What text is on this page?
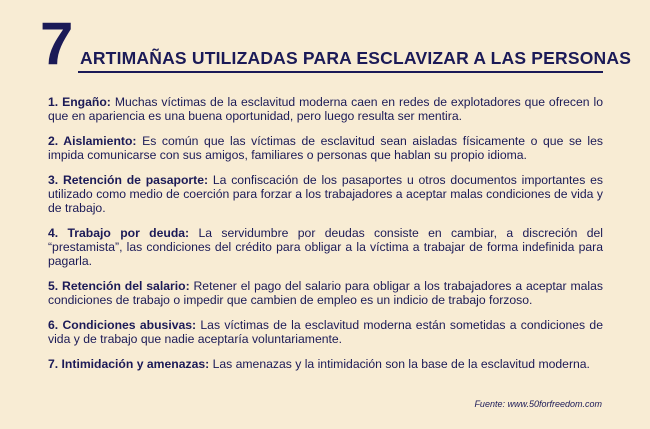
7 ARTIMAÑAS UTILIZADAS PARA ESCLAVIZAR A LAS PERSONAS

1. Engaño: Muchas víctimas de la esclavitud moderna caen en redes de explotadores que ofrecen lo que en apariencia es una buena oportunidad, pero luego resulta ser mentira.

2. Aislamiento: Es común que las víctimas de esclavitud sean aisladas físicamente o que se les impida comunicarse con sus amigos, familiares o personas que hablan su propio idioma.

3. Retención de pasaporte: La confiscación de los pasaportes u otros documentos importantes es utilizado como medio de coerción para forzar a los trabajadores a aceptar malas condiciones de vida y de trabajo.

4. Trabajo por deuda: La servidumbre por deudas consiste en cambiar, a discreción del “prestamista”, las condiciones del crédito para obligar a la víctima a trabajar de forma indefinida para pagarla.

5. Retención del salario: Retener el pago del salario para obligar a los trabajadores a aceptar malas condiciones de trabajo o impedir que cambien de empleo es un indicio de trabajo forzoso.

6. Condiciones abusivas: Las víctimas de la esclavitud moderna están sometidas a condiciones de vida y de trabajo que nadie aceptaría voluntariamente.

7. Intimidación y amenazas: Las amenazas y la intimidación son la base de la esclavitud moderna.

Fuente: www.50forfreedom.com
